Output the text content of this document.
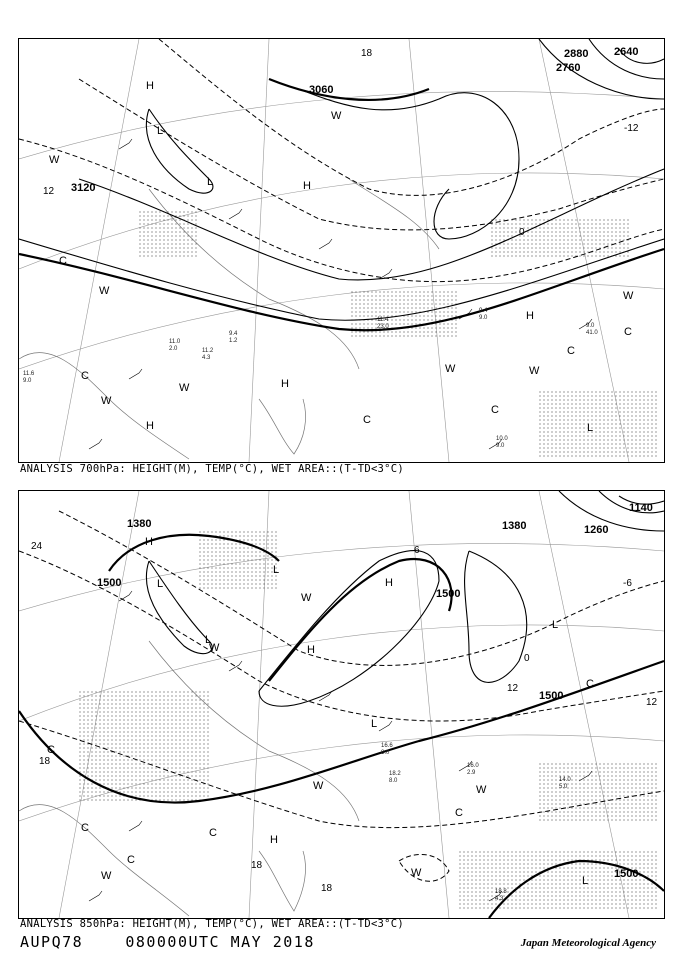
3120
3060
2880
2760
2640
-12
0
12
18
H
H
H
H
H
L
L
L
W
W
W
W
W	W
W
W
C
C
C
C
C
C
9.4
9.0
10.0
9.0
9.0
41.0
11.4
23.0
9.4
1.2
11.2
4.3
11.0
2.0
11.6
9.0
ANALYSIS 700hPa: HEIGHT(M), TEMP(°C), WET AREA::(T-TD<3°C)
1500
1500
1500
1500
1380	1380	1260
1140
24
18
12
6
0
-6
12
18
18
H
H
H
H
L
L
L
L
L
L
W	W
W
W
W
W
C
C
C
C
C
C
16.0
2.9
14.0
5.0
18.8
4.3
16.6
8.0
18.2
8.0
ANALYSIS 850hPa: HEIGHT(M), TEMP(°C), WET AREA::(T-TD<3°C)
AUPQ78	080000UTC MAY 2018	Japan Meteorological Agency
